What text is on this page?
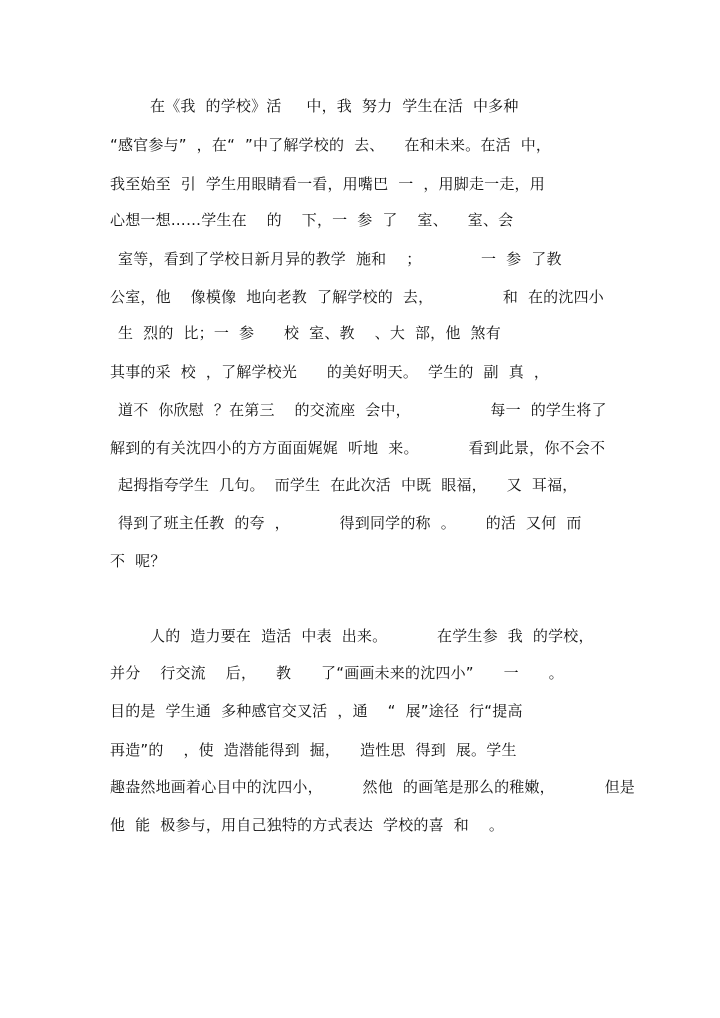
在《我  的学校》活     中，我  努力  学生在活  中多种
“感官参与”  ，在“  ”中了解学校的  去、    在和未来。在活  中，
我至始至  引  学生用眼睛看一看，用嘴巴  一  ，用脚走一走，用
心想一想……学生在    的    下，一  参  了    室、    室、会
室等，看到了学校日新月异的教学  施和    ；            一  参  了教
公室，他    像模像  地向老教  了解学校的  去，              和  在的沈四小
生  烈的  比；一  参      校  室、教    、大  部，他  煞有
其事的采  校  ，了解学校光      的美好明天。  学生的  副  真  ，
道不  你欣慰  ？在第三    的交流座  会中，                每一  的学生将了
解到的有关沈四小的方方面面娓娓  听地  来。          看到此景，你不会不
起拇指夸学生  几句。  而学生  在此次活  中既  眼福，    又  耳福，
得到了班主任教  的夸  ，          得到同学的称  。      的活  又何  而
不  呢？
人的  造力要在  造活  中表  出来。          在学生参  我  的学校，
并分    行交流    后，    教      了“画画未来的沈四小”      一      。
目的是  学生通  多种感官交叉活  ，通    “  展”途径  行“提高
再造”的    ，使  造潜能得到  掘，    造性思  得到  展。学生
趣盎然地画着心目中的沈四小，        然他  的画笔是那么的稚嫩，          但是
他  能  极参与，用自己独特的方式表达  学校的喜  和    。
